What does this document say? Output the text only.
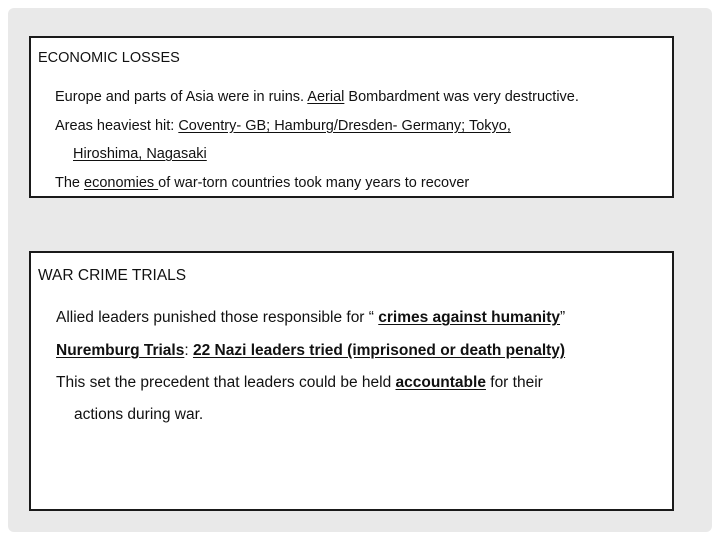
ECONOMIC LOSSES
Europe and parts of Asia were in ruins. Aerial Bombardment was very destructive.
Areas heaviest hit: Coventry- GB; Hamburg/Dresden- Germany; Tokyo,
Hiroshima, Nagasaki
The economies of war-torn countries took many years to recover
WAR CRIME TRIALS
Allied leaders punished those responsible for “ crimes against humanity”
Nuremburg Trials: 22 Nazi leaders tried (imprisoned or death penalty)
This set the precedent that leaders could be held accountable for their
actions during war.
